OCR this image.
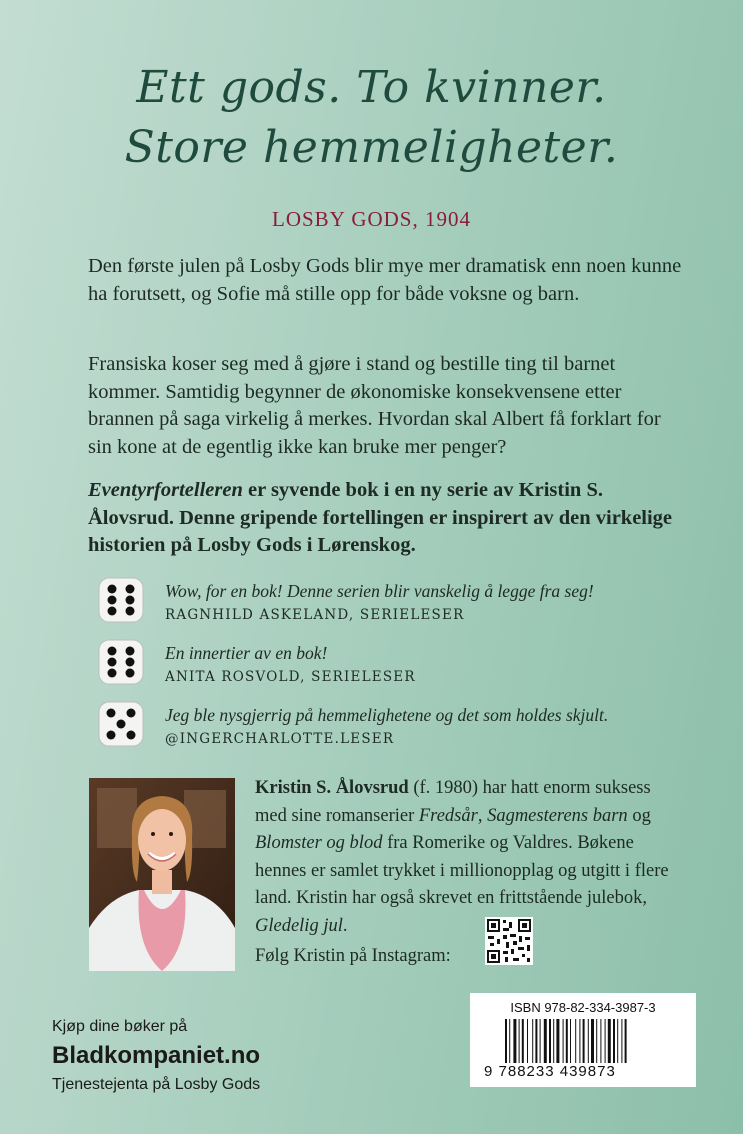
Ett gods. To kvinner.
Store hemmeligheter.
LOSBY GODS, 1904
Den første julen på Losby Gods blir mye mer dramatisk enn noen kunne ha forutsett, og Sofie må stille opp for både voksne og barn.
Fransiska koser seg med å gjøre i stand og bestille ting til barnet kommer. Samtidig begynner de økonomiske konsekvensene etter brannen på saga virkelig å merkes. Hvordan skal Albert få forklart for sin kone at de egentlig ikke kan bruke mer penger?
Eventyrfortelleren er syvende bok i en ny serie av Kristin S. Ålovsrud. Denne gripende fortellingen er inspirert av den virkelige historien på Losby Gods i Lørenskog.
Wow, for en bok! Denne serien blir vanskelig å legge fra seg!
RAGNHILD ASKELAND, SERIELESER
En innertier av en bok!
ANITA ROSVOLD, SERIELESER
Jeg ble nysgjerrig på hemmelighetene og det som holdes skjult.
@INGERCHARLOTTE.LESER
Kristin S. Ålovsrud (f. 1980) har hatt enorm suksess med sine romanserier Fredsår, Sagmesterens barn og Blomster og blod fra Romerike og Valdres. Bøkene hennes er samlet trykket i millionopplag og utgitt i flere land. Kristin har også skrevet en frittstående julebok, Gledelig jul.
Følg Kristin på Instagram:
Kjøp dine bøker på
Bladkompaniet.no
Tjenestejenta på Losby Gods
ISBN 978-82-334-3987-3
9 788233 439873
